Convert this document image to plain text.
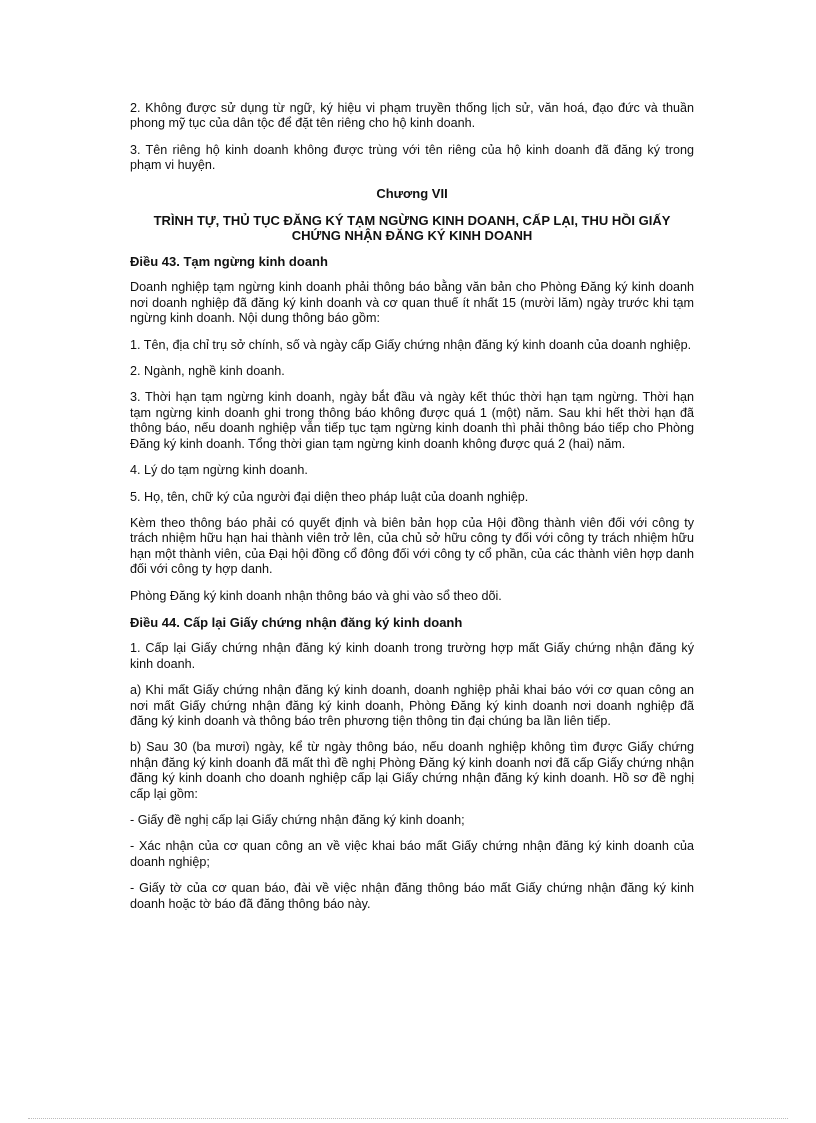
2. Không được sử dụng từ ngữ, ký hiệu vi phạm truyền thống lịch sử, văn hoá, đạo đức và thuần phong mỹ tục của dân tộc để đặt tên riêng cho hộ kinh doanh.

3. Tên riêng hộ kinh doanh không được trùng với tên riêng của hộ kinh doanh đã đăng ký trong phạm vi huyện.

Chương VII
TRÌNH TỰ, THỦ TỤC ĐĂNG KÝ TẠM NGỪNG KINH DOANH, CẤP LẠI, THU HỒI GIẤY CHỨNG NHẬN ĐĂNG KÝ KINH DOANH
Điều 43. Tạm ngừng kinh doanh

Doanh nghiệp tạm ngừng kinh doanh phải thông báo bằng văn bản cho Phòng Đăng ký kinh doanh nơi doanh nghiệp đã đăng ký kinh doanh và cơ quan thuế ít nhất 15 (mười lăm) ngày trước khi tạm ngừng kinh doanh. Nội dung thông báo gồm:

1. Tên, địa chỉ trụ sở chính, số và ngày cấp Giấy chứng nhận đăng ký kinh doanh của doanh nghiệp.

2. Ngành, nghề kinh doanh.

3. Thời hạn tạm ngừng kinh doanh, ngày bắt đầu và ngày kết thúc thời hạn tạm ngừng. Thời hạn tạm ngừng kinh doanh ghi trong thông báo không được quá 1 (một) năm. Sau khi hết thời hạn đã thông báo, nếu doanh nghiệp vẫn tiếp tục tạm ngừng kinh doanh thì phải thông báo tiếp cho Phòng Đăng ký kinh doanh. Tổng thời gian tạm ngừng kinh doanh không được quá 2 (hai) năm.

4. Lý do tạm ngừng kinh doanh.

5. Họ, tên, chữ ký của người đại diện theo pháp luật của doanh nghiệp.

Kèm theo thông báo phải có quyết định và biên bản họp của Hội đồng thành viên đối với công ty trách nhiệm hữu hạn hai thành viên trở lên, của chủ sở hữu công ty đối với công ty trách nhiệm hữu hạn một thành viên, của Đại hội đồng cổ đông đối với công ty cổ phần, của các thành viên hợp danh đối với công ty hợp danh.

Phòng Đăng ký kinh doanh nhận thông báo và ghi vào sổ theo dõi.

Điều 44. Cấp lại Giấy chứng nhận đăng ký kinh doanh

1. Cấp lại Giấy chứng nhận đăng ký kinh doanh trong trường hợp mất Giấy chứng nhận đăng ký kinh doanh.

a) Khi mất Giấy chứng nhận đăng ký kinh doanh, doanh nghiệp phải khai báo với cơ quan công an nơi mất Giấy chứng nhận đăng ký kinh doanh, Phòng Đăng ký kinh doanh nơi doanh nghiệp đã đăng ký kinh doanh và thông báo trên phương tiện thông tin đại chúng ba lần liên tiếp.

b) Sau 30 (ba mươi) ngày, kể từ ngày thông báo, nếu doanh nghiệp không tìm được Giấy chứng nhận đăng ký kinh doanh đã mất thì đề nghị Phòng Đăng ký kinh doanh nơi đã cấp Giấy chứng nhận đăng ký kinh doanh cho doanh nghiệp cấp lại Giấy chứng nhận đăng ký kinh doanh. Hồ sơ đề nghị cấp lại gồm:

- Giấy đề nghị cấp lại Giấy chứng nhận đăng ký kinh doanh;

- Xác nhận của cơ quan công an về việc khai báo mất Giấy chứng nhận đăng ký kinh doanh của doanh nghiệp;

- Giấy tờ của cơ quan báo, đài về việc nhận đăng thông báo mất Giấy chứng nhận đăng ký kinh doanh hoặc tờ báo đã đăng thông báo này.
